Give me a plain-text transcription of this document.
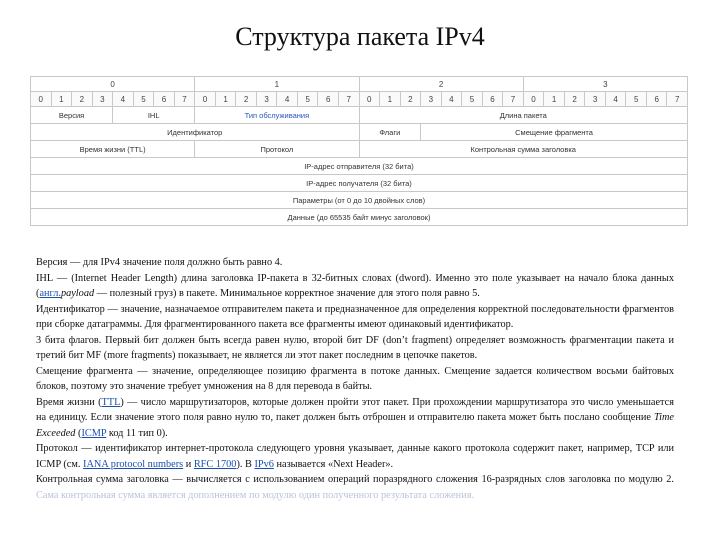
Структура пакета IPv4
0								1								2								3							
0	1	2	3	4	5	6	7	0	1	2	3	4	5	6	7	0	1	2	3	4	5	6	7	0	1	2	3	4	5	6	7
Версия				IHL				Тип обслуживания								Длина пакета															
Идентификатор																Флаги			Смещение фрагмента												
Время жизни (TTL)								Протокол								Контрольная сумма заголовка															
IP-адрес отправителя (32 бита)																															
IP-адрес получателя (32 бита)																															
Параметры (от 0 до 10 двойных слов)																															
Данные (до 65535 байт минус заголовок)																															

Версия — для IPv4 значение поля должно быть равно 4.

IHL — (Internet Header Length) длина заголовка IP-пакета в 32-битных словах (dword). Именно это поле указывает на начало блока данных (англ.payload — полезный груз) в пакете. Минимальное корректное значение для этого поля равно 5.

Идентификатор — значение, назначаемое отправителем пакета и предназначенное для определения корректной последовательности фрагментов при сборке датаграммы. Для фрагментированного пакета все фрагменты имеют одинаковый идентификатор.

3 бита флагов. Первый бит должен быть всегда равен нулю, второй бит DF (don’t fragment) определяет возможность фрагментации пакета и третий бит MF (more fragments) показывает, не является ли этот пакет последним в цепочке пакетов.

Смещение фрагмента — значение, определяющее позицию фрагмента в потоке данных. Смещение задается количеством восьми байтовых блоков, поэтому это значение требует умножения на 8 для перевода в байты.

Время жизни (TTL) — число маршрутизаторов, которые должен пройти этот пакет. При прохождении маршрутизатора это число уменьшается на единицу. Если значение этого поля равно нулю то, пакет должен быть отброшен и отправителю пакета может быть послано сообщение Time Exceeded (ICMP код 11 тип 0).

Протокол — идентификатор интернет-протокола следующего уровня указывает, данные какого протокола содержит пакет, например, TCP или ICMP (см. IANA protocol numbers и RFC 1700). В IPv6 называется «Next Header».

Контрольная сумма заголовка — вычисляется с использованием операций поразрядного сложения 16-разрядных слов заголовка по модулю 2. Сама контрольная сумма является дополнением по модулю один полученного результата сложения.
